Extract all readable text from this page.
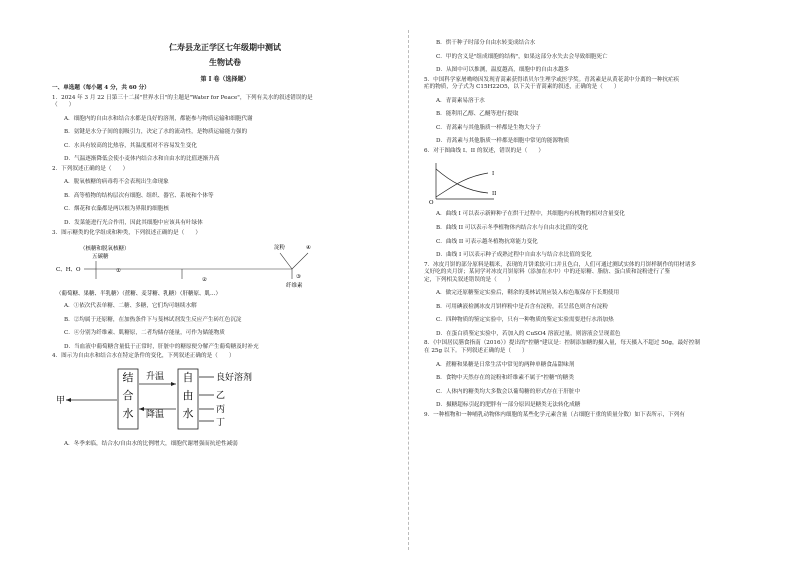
仁寿县龙正学区七年级期中测试
生物试卷
第 I 卷（选择题）
一、单选题（每小题 4 分，共 60 分）
1．2024 年 3 月 22 日第三十二届"世界水日"的主题是"Water for Peace"，下列有关水的叙述错误的是
（　　）
A．细胞内的自由水和结合水都是良好的溶剂，都能参与物质运输和细胞代谢
B．氨键是水分子间的弱吸引力，决定了水的流动性，是物质运输能力强的
C．水具有较高的比热容，其温度相对不容易发生变化
D．气温逐渐降低会使小麦体内结合水和自由水的比值逐渐升高
2．下列叙述正确的是（　　）
A．脱氧核糖的病毒将不会表现出生命现象
B．高等植物的结构层次有细胞、组织、器官、系统和个体等
C．烟花和衣藻都是两以根为界限的细胞核
D．发菜能进行光合作用，因此其细胞中应该具有叶绿体
3．图示糖类的化学组成和种类，下列叙述正确的是（　　）
（核糖和脱氧核糖）
五碳糖
淀粉	④
C、H、O	①
②	③
纤维素
（葡萄糖、果糖、半乳糖）（蔗糖、麦芽糖、乳糖）（肝糖原、肌…）
A．①依次代表单糖、二糖、多糖，它们均可继续水解
B．②均属于还原糖，在加热条件下与斐林试剂发生反应产生砖红色沉淀
C．④分别为纤维素、肌糖原，二者均储存能量，可作为储能物质
D．当血液中葡萄糖含量低于正常时，肝脏中的糖原便分解产生葡萄糖及时补充
4．图示为自由水和结合水在特定条件的变化，下列叙述正确的是（　　）
结
合
水
自
由
水
升温
降温
甲
良好溶剂
乙
丙
丁
A．冬季来临，结合水/自由水的比例增大，细胞代谢增强而抗逆性减弱
B．烘干种子时部分自由水转变成结合水
C．甲的含义是"组成细胞的结构"，如果这部分水失去会导致细胞死亡
D．从图中可以推测，温度越高，细胞中的自由水越多
5．中国科学家屠呦呦因发现青蒿素获得诺贝尔生理学或医学奖。青蒿素是从黄花蒿中分离的一种抗疟疾
疟的物质，分子式为 C15H22O5，以下关于青蒿素的叙述，正确的是（　　）
A．青蒿素易溶于水
B．能利用乙醇、乙醚等进行提取
C．青蒿素与其他脂质一样都是生物大分子
D．青蒿素与其他脂质一样都是细胞中常见的能源物质
6．对于图曲线 I、II 的叙述，错误的是（　　）
O
I
II
A．曲线 I 可以表示新鲜种子在烘干过程中，其细胞内有机物的相对含量变化
B．曲线 II 可以表示冬季植物体内结合水与自由水比值的变化
C．曲线 II 可表示越冬植物抗寒能力变化
D．曲线 I 可以表示种子成熟过程中自由水与结合水比值的变化
7．冰皮月饼的部分原料是糯米，表现的月饼柔软可口并且色白，人们可通过测试实体的月饼样制作的用材诸多
义好吃的夹月饼；某同学对冰皮月饼原料（添加在水中）中的还原糖、脂肪、蛋白质和淀粉进行了鉴
定，下列相关叙述错误的是（　　）
A．做完还原糖鉴定实验后，剩余的斐林试剂应装入棕色瓶保存下长期使用
B．可用碘液检测冰皮月饼样粉中是否含有淀粉，若呈蓝色则含有淀粉
C．四种物质的鉴定实验中，只有一种物质的鉴定实验需要进行水浴加热
D．在蛋白质鉴定实验中，若加入的 CuSO4 溶液过量，则溶液会呈现蓝色
8．《中国居民膳食指南（2016）》提出的"控糖"建议是：控制添加糖的摄入量，每天摄入不超过 50g，最好控制
在 25g 以下。下列叙述正确的是（　　）
A．蔗糖和果糖是日常生活中常见的两种单糖食品甜味剂
B．食物中天然存在的淀粉和纤维素不属于"控糖"的糖类
C．人体内的糖类均大多数会以葡萄糖的形式存在于肝脏中
D．摄糖超标引起的肥胖有一部分原因是糖类无法转化成糖
9．一种植物和一种哺乳动物体内细胞的某些化学元素含量（占细胞干重的质量分数）如下表所示，下列有
